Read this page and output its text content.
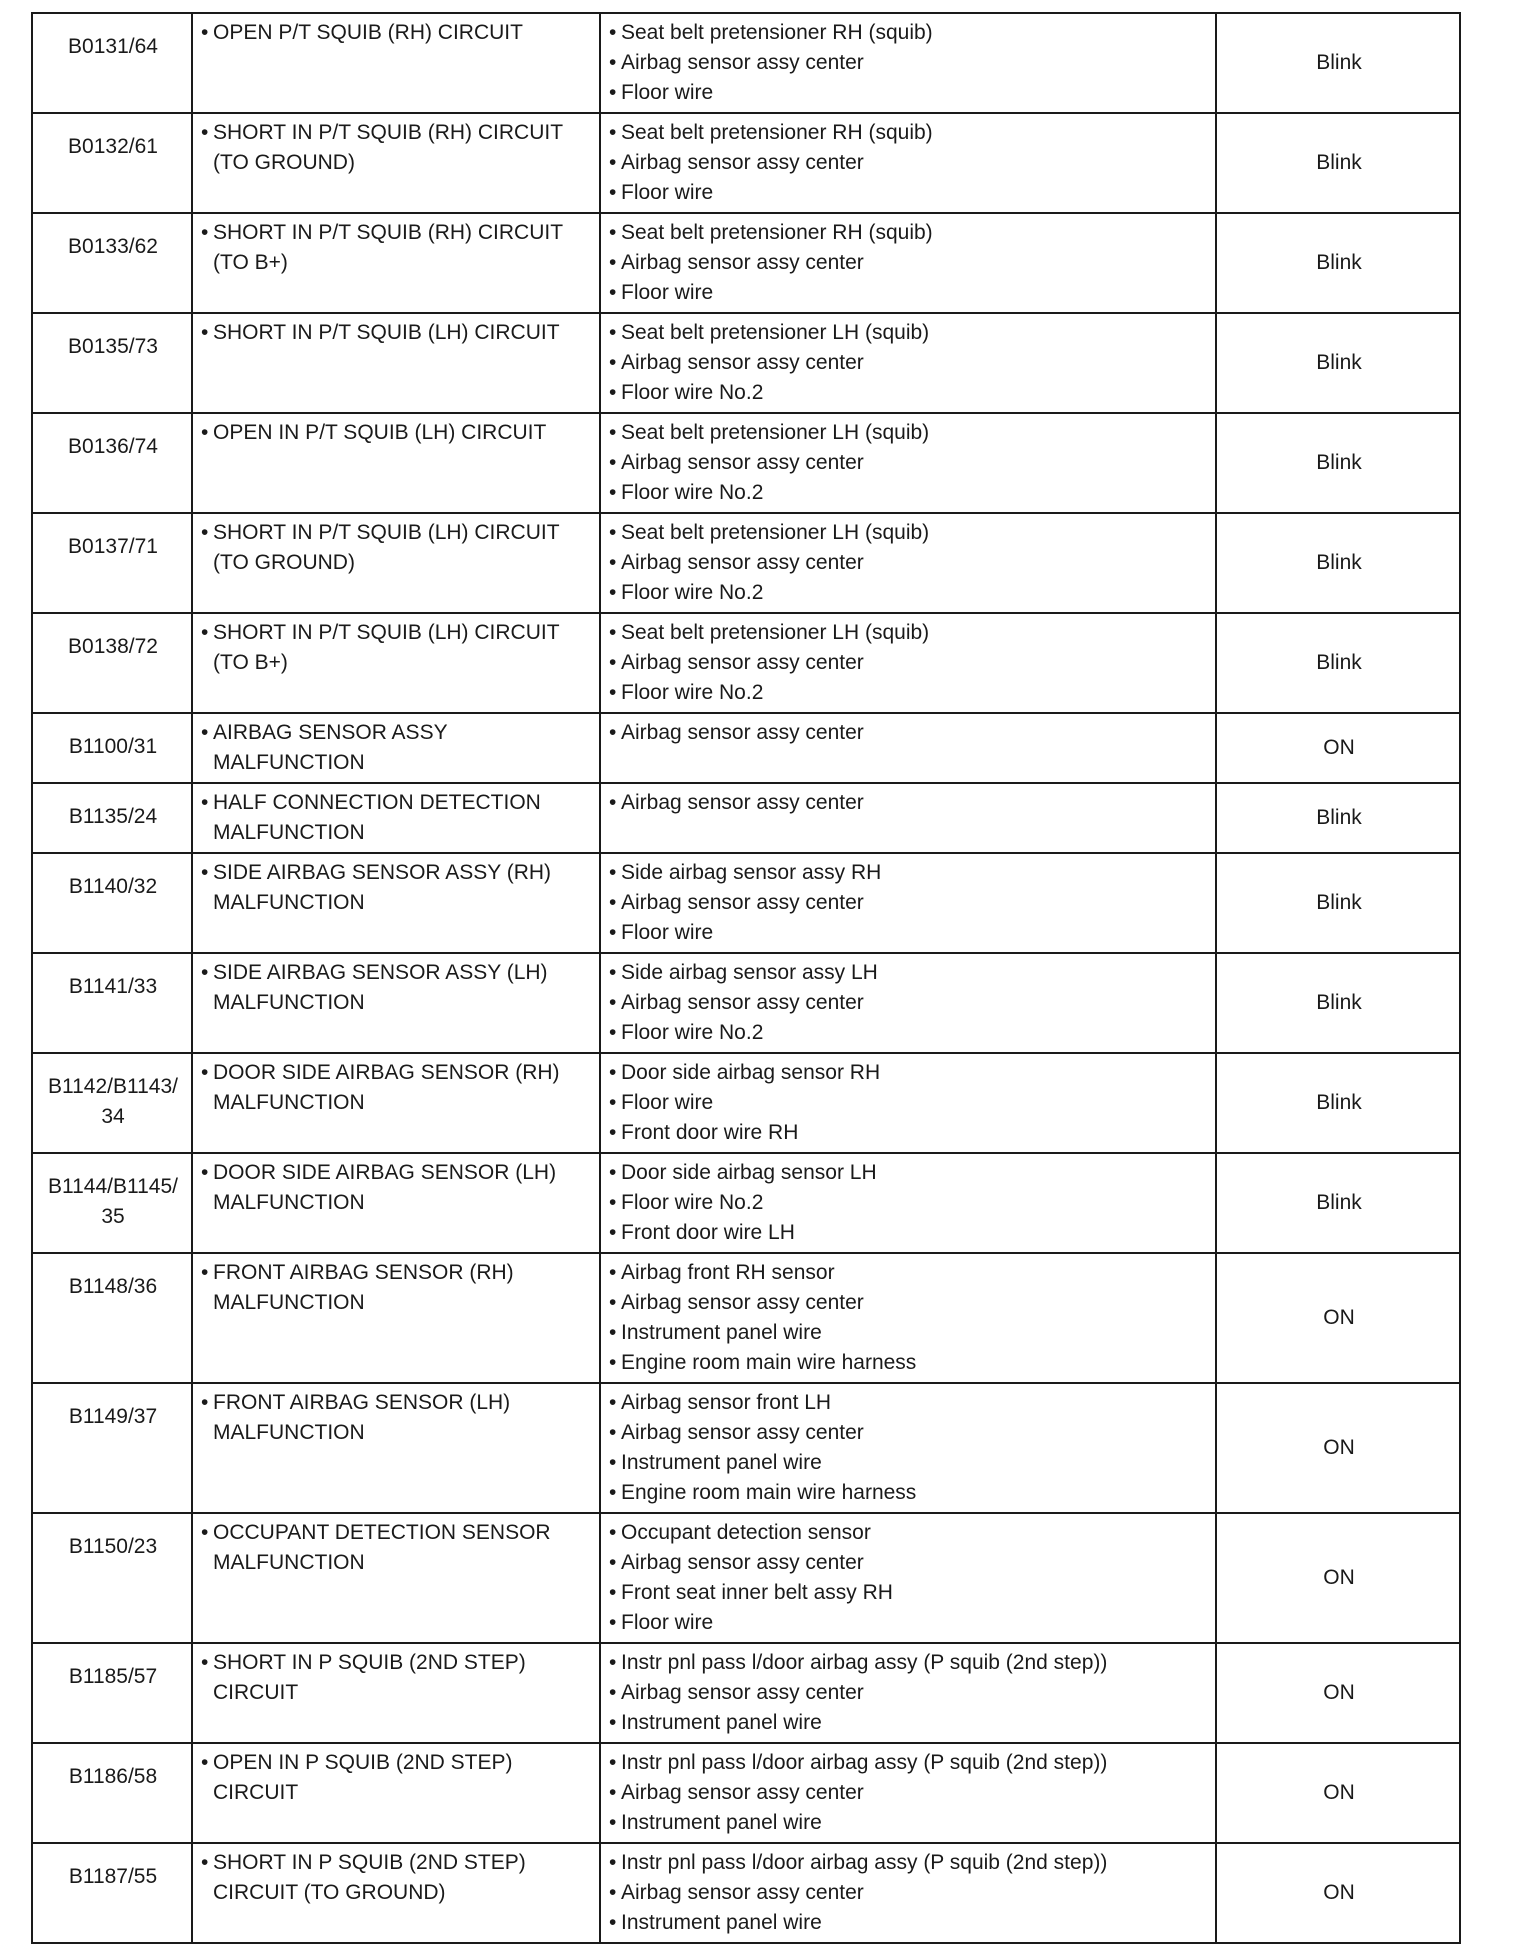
B0131/64	• OPEN P/T SQUIB (RH) CIRCUIT	• Seat belt pretensioner RH (squib)
• Airbag sensor assy center
• Floor wire	Blink
B0132/61	• SHORT IN P/T SQUIB (RH) CIRCUIT
(TO GROUND)	• Seat belt pretensioner RH (squib)
• Airbag sensor assy center
• Floor wire	Blink
B0133/62	• SHORT IN P/T SQUIB (RH) CIRCUIT
(TO B+)	• Seat belt pretensioner RH (squib)
• Airbag sensor assy center
• Floor wire	Blink
B0135/73	• SHORT IN P/T SQUIB (LH) CIRCUIT	• Seat belt pretensioner LH (squib)
• Airbag sensor assy center
• Floor wire No.2	Blink
B0136/74	• OPEN IN P/T SQUIB (LH) CIRCUIT	• Seat belt pretensioner LH (squib)
• Airbag sensor assy center
• Floor wire No.2	Blink
B0137/71	• SHORT IN P/T SQUIB (LH) CIRCUIT
(TO GROUND)	• Seat belt pretensioner LH (squib)
• Airbag sensor assy center
• Floor wire No.2	Blink
B0138/72	• SHORT IN P/T SQUIB (LH) CIRCUIT
(TO B+)	• Seat belt pretensioner LH (squib)
• Airbag sensor assy center
• Floor wire No.2	Blink
B1100/31	• AIRBAG SENSOR ASSY
MALFUNCTION	• Airbag sensor assy center	ON
B1135/24	• HALF CONNECTION DETECTION
MALFUNCTION	• Airbag sensor assy center	Blink
B1140/32	• SIDE AIRBAG SENSOR ASSY (RH)
MALFUNCTION	• Side airbag sensor assy RH
• Airbag sensor assy center
• Floor wire	Blink
B1141/33	• SIDE AIRBAG SENSOR ASSY (LH)
MALFUNCTION	• Side airbag sensor assy LH
• Airbag sensor assy center
• Floor wire No.2	Blink
B1142/B1143/
34	• DOOR SIDE AIRBAG SENSOR (RH)
MALFUNCTION	• Door side airbag sensor RH
• Floor wire
• Front door wire RH	Blink
B1144/B1145/
35	• DOOR SIDE AIRBAG SENSOR (LH)
MALFUNCTION	• Door side airbag sensor LH
• Floor wire No.2
• Front door wire LH	Blink
B1148/36	• FRONT AIRBAG SENSOR (RH)
MALFUNCTION	• Airbag front RH sensor
• Airbag sensor assy center
• Instrument panel wire
• Engine room main wire harness	ON
B1149/37	• FRONT AIRBAG SENSOR (LH)
MALFUNCTION	• Airbag sensor front LH
• Airbag sensor assy center
• Instrument panel wire
• Engine room main wire harness	ON
B1150/23	• OCCUPANT DETECTION SENSOR
MALFUNCTION	• Occupant detection sensor
• Airbag sensor assy center
• Front seat inner belt assy RH
• Floor wire	ON
B1185/57	• SHORT IN P SQUIB (2ND STEP)
CIRCUIT	• Instr pnl pass l/door airbag assy (P squib (2nd step))
• Airbag sensor assy center
• Instrument panel wire	ON
B1186/58	• OPEN IN P SQUIB (2ND STEP)
CIRCUIT	• Instr pnl pass l/door airbag assy (P squib (2nd step))
• Airbag sensor assy center
• Instrument panel wire	ON
B1187/55	• SHORT IN P SQUIB (2ND STEP)
CIRCUIT (TO GROUND)	• Instr pnl pass l/door airbag assy (P squib (2nd step))
• Airbag sensor assy center
• Instrument panel wire	ON
